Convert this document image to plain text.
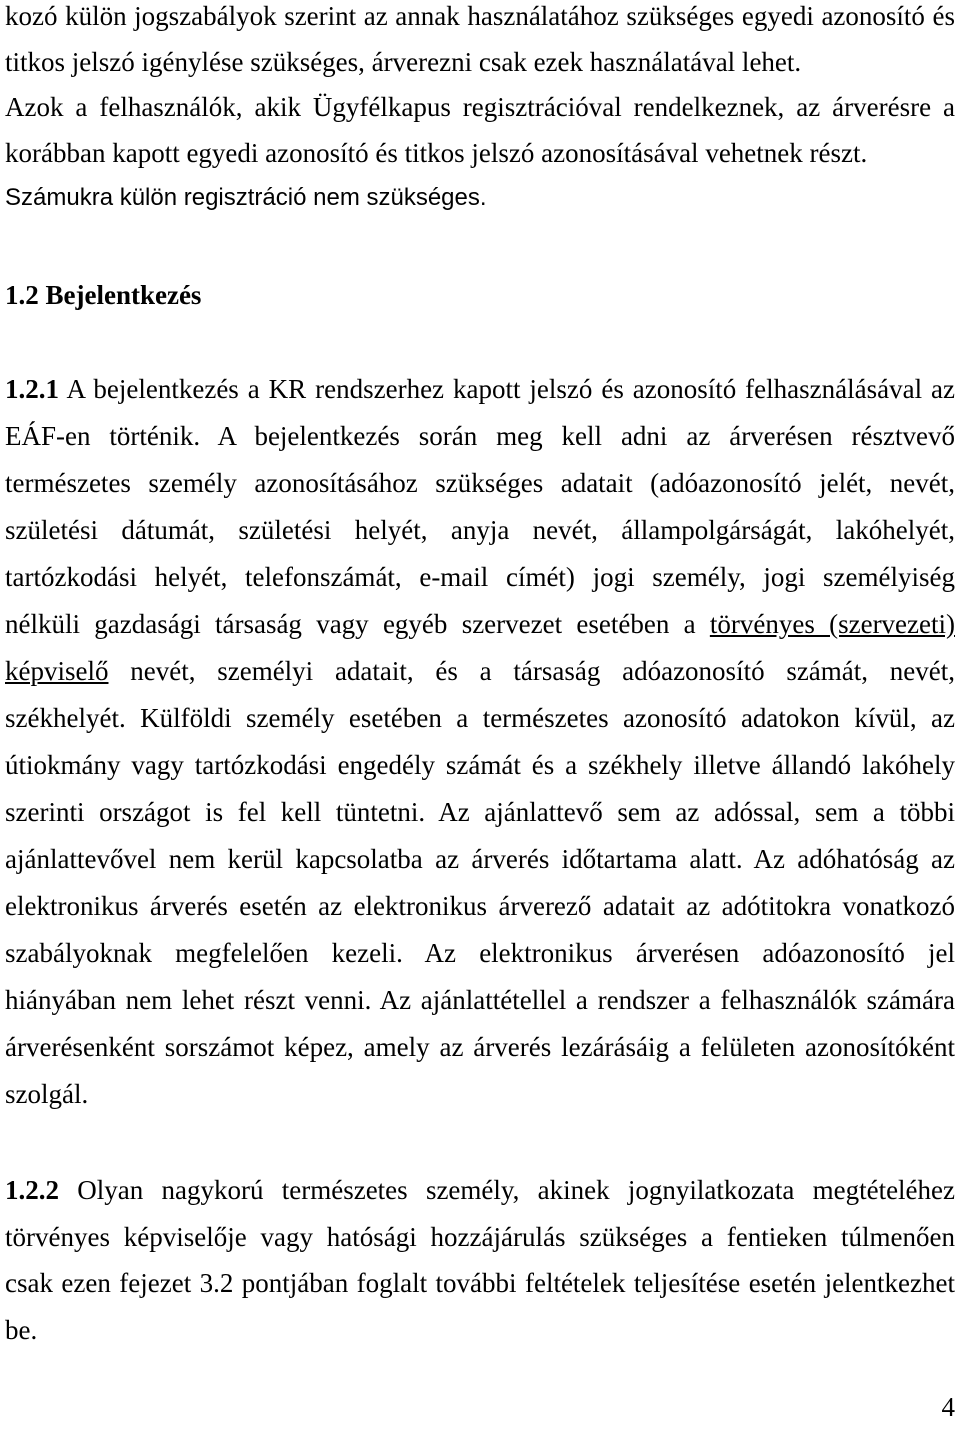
kozó külön jogszabályok szerint az annak használatához szükséges egyedi azonosító és
titkos jelszó igénylése szükséges, árverezni csak ezek használatával lehet.
Azok a felhasználók, akik Ügyfélkapus regisztrációval rendelkeznek, az árverésre a
korábban kapott egyedi azonosító és titkos jelszó azonosításával vehetnek részt.
Számukra külön regisztráció nem szükséges.
1.2 Bejelentkezés
1.2.1 A bejelentkezés a KR rendszerhez kapott jelszó és azonosító felhasználásával az
EÁF-en történik. A bejelentkezés során meg kell adni az árverésen résztvevő
természetes személy azonosításához szükséges adatait (adóazonosító jelét, nevét,
születési dátumát, születési helyét, anyja nevét, állampolgárságát, lakóhelyét,
tartózkodási helyét, telefonszámát, e-mail címét) jogi személy, jogi személyiség
nélküli gazdasági társaság vagy egyéb szervezet esetében a törvényes (szervezeti)
képviselő nevét, személyi adatait, és a társaság adóazonosító számát, nevét,
székhelyét. Külföldi személy esetében a természetes azonosító adatokon kívül, az
útiokmány vagy tartózkodási engedély számát és a székhely illetve állandó lakóhely
szerinti országot is fel kell tüntetni. Az ajánlattevő sem az adóssal, sem a többi
ajánlattevővel nem kerül kapcsolatba az árverés időtartama alatt. Az adóhatóság az
elektronikus árverés esetén az elektronikus árverező adatait az adótitokra vonatkozó
szabályoknak megfelelően kezeli. Az elektronikus árverésen adóazonosító jel
hiányában nem lehet részt venni. Az ajánlattétellel a rendszer a felhasználók számára
árverésenként sorszámot képez, amely az árverés lezárásáig a felületen azonosítóként
szolgál.
1.2.2 Olyan nagykorú természetes személy, akinek jognyilatkozata megtételéhez
törvényes képviselője vagy hatósági hozzájárulás szükséges a fentieken túlmenően
csak ezen fejezet 3.2 pontjában foglalt további feltételek teljesítése esetén jelentkezhet
be.
4
